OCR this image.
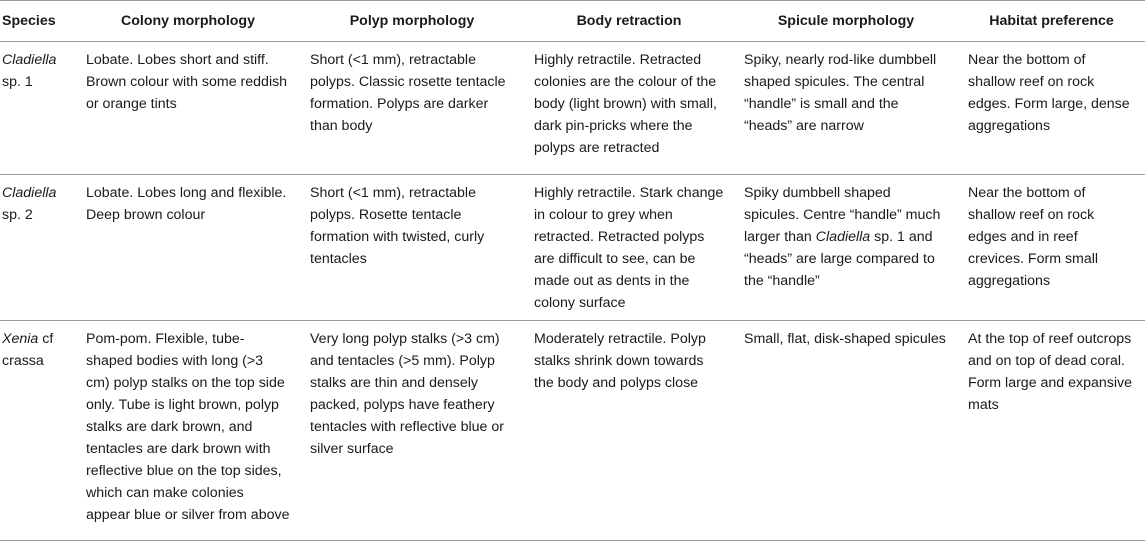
Species	Colony morphology	Polyp morphology	Body retraction	Spicule morphology	Habitat preference
Cladiella sp. 1	Lobate. Lobes short and stiff. Brown colour with some reddish or orange tints	Short (<1 mm), retractable polyps. Classic rosette tentacle formation. Polyps are darker than body	Highly retractile. Retracted colonies are the colour of the body (light brown) with small, dark pin-pricks where the polyps are retracted	Spiky, nearly rod-like dumbbell shaped spicules. The central “handle” is small and the “heads” are narrow	Near the bottom of shallow reef on rock edges. Form large, dense aggregations
Cladiella sp. 2	Lobate. Lobes long and flexible. Deep brown colour	Short (<1 mm), retractable polyps. Rosette tentacle formation with twisted, curly tentacles	Highly retractile. Stark change in colour to grey when retracted. Retracted polyps are difficult to see, can be made out as dents in the colony surface	Spiky dumbbell shaped spicules. Centre “handle” much larger than Cladiella sp. 1 and “heads” are large compared to the “handle”	Near the bottom of shallow reef on rock edges and in reef crevices. Form small aggregations
Xenia cf crassa	Pom-pom. Flexible, tube-shaped bodies with long (>3 cm) polyp stalks on the top side only. Tube is light brown, polyp stalks are dark brown, and tentacles are dark brown with reflective blue on the top sides, which can make colonies appear blue or silver from above	Very long polyp stalks (>3 cm) and tentacles (>5 mm). Polyp stalks are thin and densely packed, polyps have feathery tentacles with reflective blue or silver surface	Moderately retractile. Polyp stalks shrink down towards the body and polyps close	Small, flat, disk-shaped spicules	At the top of reef outcrops and on top of dead coral. Form large and expansive mats
